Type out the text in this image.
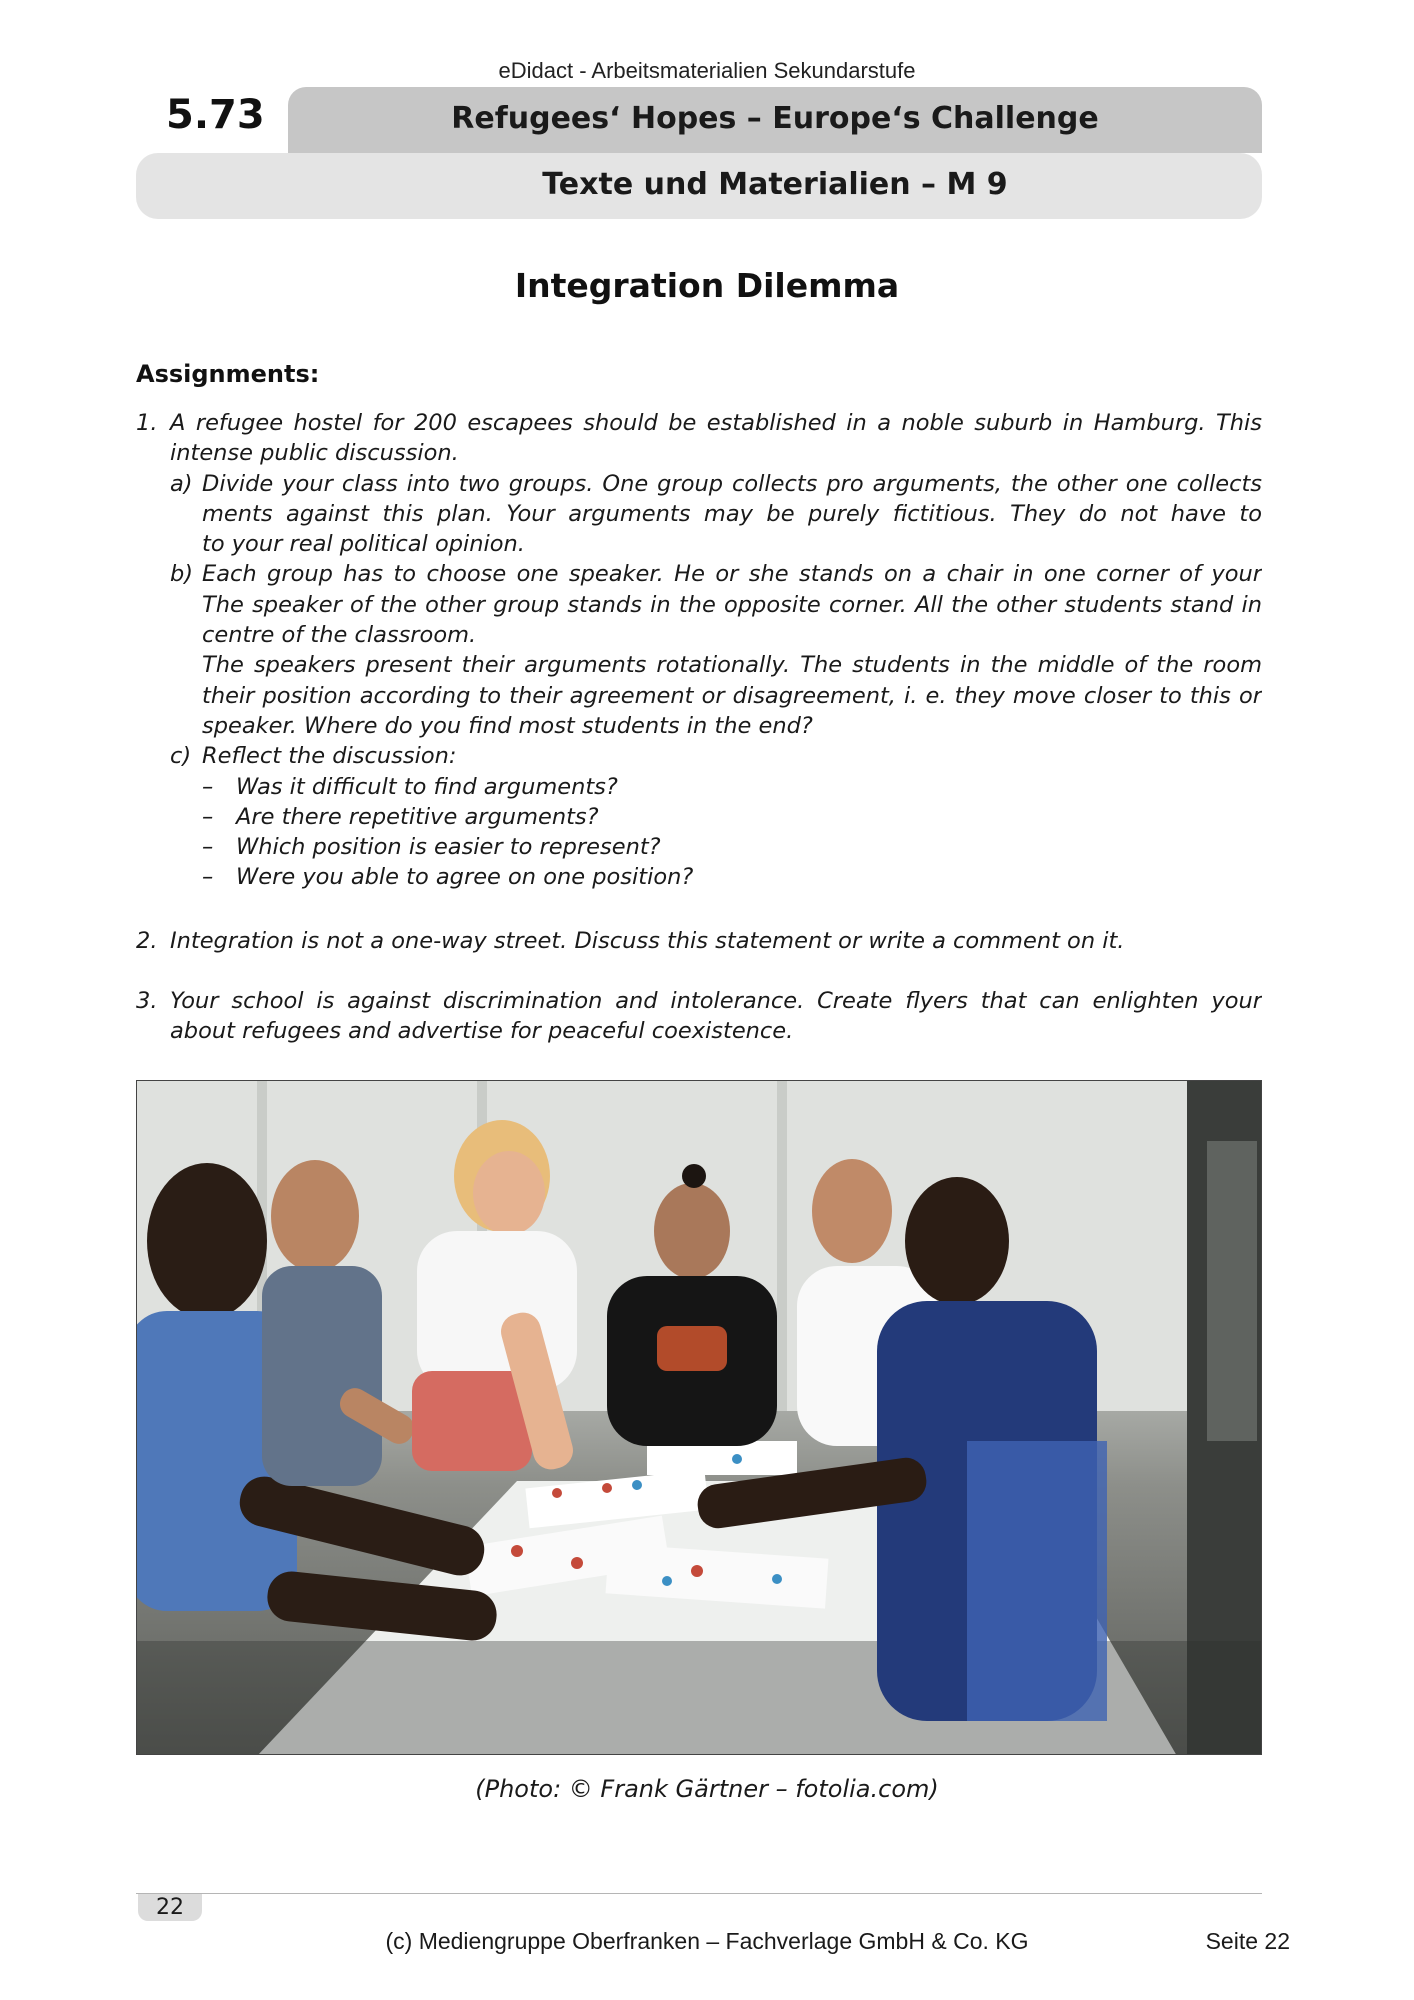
eDidact - Arbeitsmaterialien Sekundarstufe
5.73	Refugees‘ Hopes – Europe‘s Challenge
Texte und Materialien – M 9
Integration Dilemma
Assignments:
1. A refugee hostel for 200 escapees should be established in a noble suburb in Hamburg. This
intense public discussion.
a) Divide your class into two groups. One group collects pro arguments, the other one collects
ments against this plan. Your arguments may be purely fictitious. They do not have to
to your real political opinion.
b) Each group has to choose one speaker. He or she stands on a chair in one corner of your
The speaker of the other group stands in the opposite corner. All the other students stand in
centre of the classroom.
The speakers present their arguments rotationally. The students in the middle of the room
their position according to their agreement or disagreement, i. e. they move closer to this or
speaker. Where do you find most students in the end?
c) Reflect the discussion:
– Was it difficult to find arguments?
– Are there repetitive arguments?
– Which position is easier to represent?
– Were you able to agree on one position?
2. Integration is not a one-way street. Discuss this statement or write a comment on it.
3. Your school is against discrimination and intolerance. Create flyers that can enlighten your
about refugees and advertise for peaceful coexistence.
(Photo: © Frank Gärtner – fotolia.com)
22
(c) Mediengruppe Oberfranken – Fachverlage GmbH & Co. KG	Seite 22
